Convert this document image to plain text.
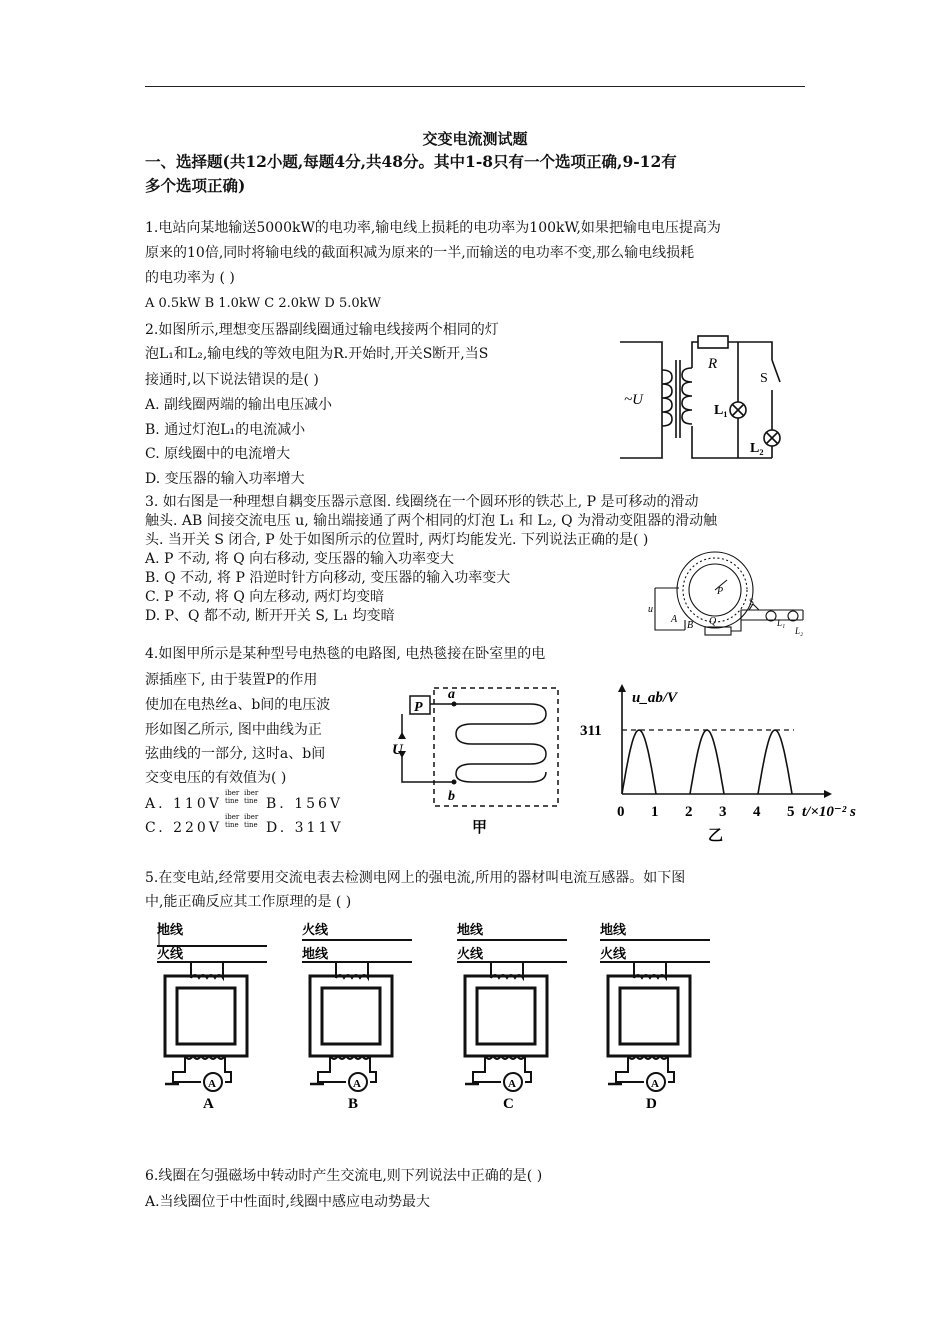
交变电流测试题
一、选择题(共12小题,每题4分,共48分。其中1-8只有一个选项正确,9-12有
多个选项正确)
1.电站向某地输送5000kW的电功率,输电线上损耗的电功率为100kW,如果把输电电压提高为
原来的10倍,同时将输电线的截面积减为原来的一半,而输送的电功率不变,那么输电线损耗
的电功率为 ( )
A 0.5kW B 1.0kW C 2.0kW D 5.0kW
2.如图所示,理想变压器副线圈通过输电线接两个相同的灯
泡L₁和L₂,输电线的等效电阻为R.开始时,开关S断开,当S
接通时,以下说法错误的是( )
A. 副线圈两端的输出电压减小
B. 通过灯泡L₁的电流减小
C. 原线圈中的电流增大
D. 变压器的输入功率增大
~U
R
S
L₁
L₂
3. 如右图是一种理想自耦变压器示意图. 线圈绕在一个圆环形的铁芯上, P 是可移动的滑动
触头. AB 间接交流电压 u, 输出端接通了两个相同的灯泡 L₁ 和 L₂, Q 为滑动变阻器的滑动触
头. 当开关 S 闭合, P 处于如图所示的位置时, 两灯均能发光. 下列说法正确的是( )
A. P 不动, 将 Q 向右移动, 变压器的输入功率变大
B. Q 不动, 将 P 沿逆时针方向移动, 变压器的输入功率变大
C. P 不动, 将 Q 向左移动, 两灯均变暗
D. P、Q 都不动, 断开开关 S, L₁ 均变暗
P
u
A
B Q
S
L₁
L₂
4.如图甲所示是某种型号电热毯的电路图, 电热毯接在卧室里的电
源插座下, 由于装置P的作用
使加在电热丝a、b间的电压波
形如图乙所示, 图中曲线为正
弦曲线的一部分, 这时a、b间
交变电压的有效值为( )
A. 110V
iber
tine
iber
tine B. 156V
C. 220V
iber
tine
iber
tine D. 311V
P
a
b
U
甲
u_ab/V
311
0 1 2 3 4 5 t/×10⁻² s
乙
5.在变电站,经常要用交流电表去检测电网上的强电流,所用的器材叫电流互感器。如下图
中,能正确反应其工作原理的是 ( )
地线
火线
A
A
火线
地线
A
B
地线
火线
A
C
地线
火线
A
D
6.线圈在匀强磁场中转动时产生交流电,则下列说法中正确的是( )
A.当线圈位于中性面时,线圈中感应电动势最大
